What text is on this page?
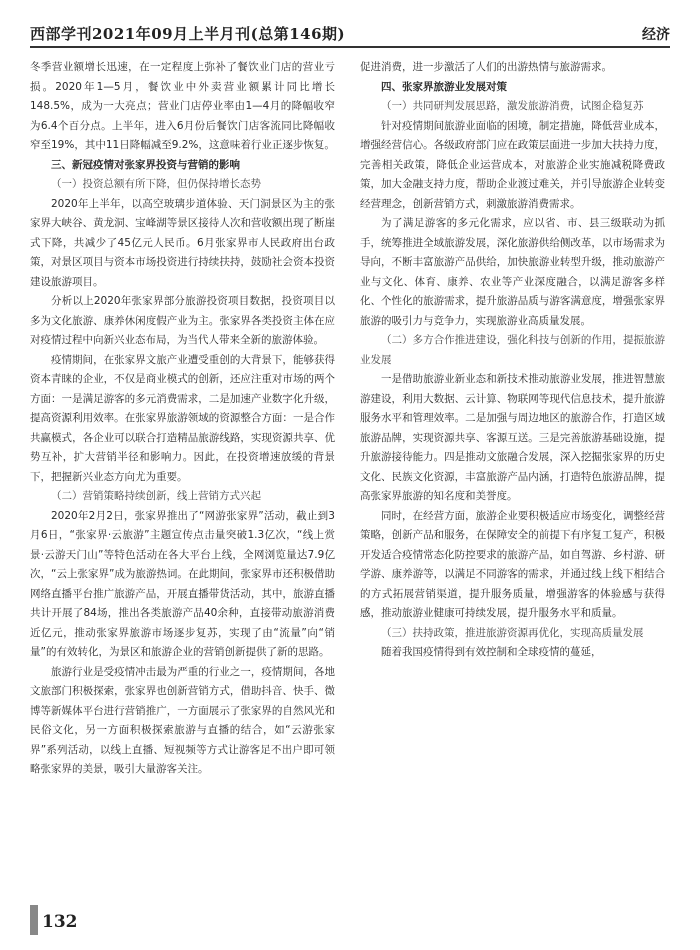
西部学刊2021年09月上半月刊(总第146期)	经济

冬季营业额增长迅速，在一定程度上弥补了餐饮业门店的营业亏损。2020年1—5月，餐饮业中外卖营业额累计同比增长148.5%，成为一大亮点；营业门店停业率由1—4月的降幅收窄为6.4个百分点。上半年，进入6月份后餐饮门店客流同比降幅收窄至19%，其中11日降幅减至9.2%，这意味着行业正逐步恢复。

三、新冠疫情对张家界投资与营销的影响

（一）投资总额有所下降，但仍保持增长态势

2020年上半年，以高空玻璃步道体验、天门洞景区为主的张家界大峡谷、黄龙洞、宝峰湖等景区接待人次和营收额出现了断崖式下降，共减少了45亿元人民币。6月张家界市人民政府出台政策，对景区项目与资本市场投资进行持续扶持，鼓励社会资本投资建设旅游项目。

分析以上2020年张家界部分旅游投资项目数据，投资项目以多为文化旅游、康养休闲度假产业为主。张家界各类投资主体在应对疫情过程中向新兴业态布局，为当代人带来全新的旅游体验。

疫情期间，在张家界文旅产业遭受重创的大背景下，能够获得资本青睐的企业，不仅是商业模式的创新，还应注重对市场的两个方面：一是满足游客的多元消费需求，二是加速产业数字化升级，提高资源利用效率。在张家界旅游领域的资源整合方面：一是合作共赢模式，各企业可以联合打造精品旅游线路，实现资源共享、优势互补，扩大营销半径和影响力。因此，在投资增速放缓的背景下，把握新兴业态方向尤为重要。

（二）营销策略持续创新，线上营销方式兴起

2020年2月2日，张家界推出了“网游张家界”活动，截止到3月6日，“张家界·云旅游”主题宣传点击量突破1.3亿次，“线上赏景·云游天门山”等特色活动在各大平台上线，全网浏览量达7.9亿次，“云上张家界”成为旅游热词。在此期间，张家界市还积极借助网络直播平台推广旅游产品，开展直播带货活动，其中，旅游直播共计开展了84场，推出各类旅游产品40余种，直接带动旅游消费近亿元，推动张家界旅游市场逐步复苏，实现了由“流量”向“销量”的有效转化，为景区和旅游企业的营销创新提供了新的思路。

旅游行业是受疫情冲击最为严重的行业之一，疫情期间，各地文旅部门积极探索，张家界也创新营销方式，借助抖音、快手、微博等新媒体平台进行营销推广，一方面展示了张家界的自然风光和民俗文化，另一方面积极探索旅游与直播的结合，如“云游张家界”系列活动，以线上直播、短视频等方式让游客足不出户即可领略张家界的美景，吸引大量游客关注。

促进消费，进一步激活了人们的出游热情与旅游需求。

四、张家界旅游业发展对策

（一）共同研判发展思路，激发旅游消费，试图企稳复苏

针对疫情期间旅游业面临的困境，制定措施，降低营业成本，增强经营信心。各级政府部门应在政策层面进一步加大扶持力度，完善相关政策，降低企业运营成本，对旅游企业实施减税降费政策，加大金融支持力度，帮助企业渡过难关，并引导旅游企业转变经营理念，创新营销方式，刺激旅游消费需求。

为了满足游客的多元化需求，应以省、市、县三级联动为抓手，统筹推进全域旅游发展，深化旅游供给侧改革，以市场需求为导向，不断丰富旅游产品供给，加快旅游业转型升级，推动旅游产业与文化、体育、康养、农业等产业深度融合，以满足游客多样化、个性化的旅游需求，提升旅游品质与游客满意度，增强张家界旅游的吸引力与竞争力，实现旅游业高质量发展。

（二）多方合作推进建设，强化科技与创新的作用，提振旅游业发展

一是借助旅游业新业态和新技术推动旅游业发展，推进智慧旅游建设，利用大数据、云计算、物联网等现代信息技术，提升旅游服务水平和管理效率。二是加强与周边地区的旅游合作，打造区域旅游品牌，实现资源共享、客源互送。三是完善旅游基础设施，提升旅游接待能力。四是推动文旅融合发展，深入挖掘张家界的历史文化、民族文化资源，丰富旅游产品内涵，打造特色旅游品牌，提高张家界旅游的知名度和美誉度。

同时，在经营方面，旅游企业要积极适应市场变化，调整经营策略，创新产品和服务，在保障安全的前提下有序复工复产，积极开发适合疫情常态化防控要求的旅游产品，如自驾游、乡村游、研学游、康养游等，以满足不同游客的需求，并通过线上线下相结合的方式拓展营销渠道，提升服务质量，增强游客的体验感与获得感，推动旅游业健康可持续发展，提升服务水平和质量。

（三）扶持政策，推进旅游资源再优化，实现高质量发展

随着我国疫情得到有效控制和全球疫情的蔓延，

132
